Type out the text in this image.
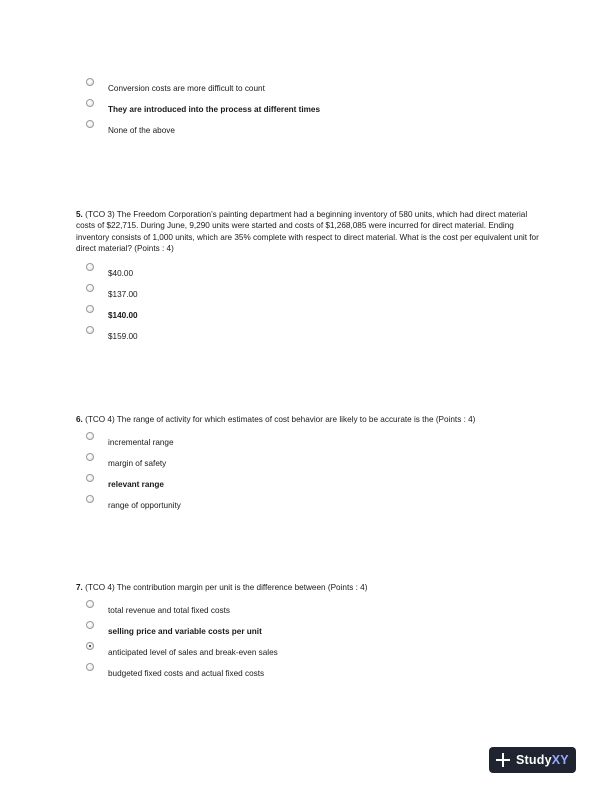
Conversion costs are more difficult to count
They are introduced into the process at different times
None of the above

5. (TCO 3) The Freedom Corporation’s painting department had a beginning inventory of 580 units, which had direct material costs of $22,715. During June, 9,290 units were started and costs of $1,268,085 were incurred for direct material. Ending inventory consists of 1,000 units, which are 35% complete with respect to direct material. What is the cost per equivalent unit for direct material? (Points : 4)

$40.00
$137.00
$140.00
$159.00

6. (TCO 4) The range of activity for which estimates of cost behavior are likely to be accurate is the (Points : 4)

incremental range
margin of safety
relevant range
range of opportunity

7. (TCO 4) The contribution margin per unit is the difference between (Points : 4)

total revenue and total fixed costs
selling price and variable costs per unit
anticipated level of sales and break-even sales
budgeted fixed costs and actual fixed costs
StudyXY
